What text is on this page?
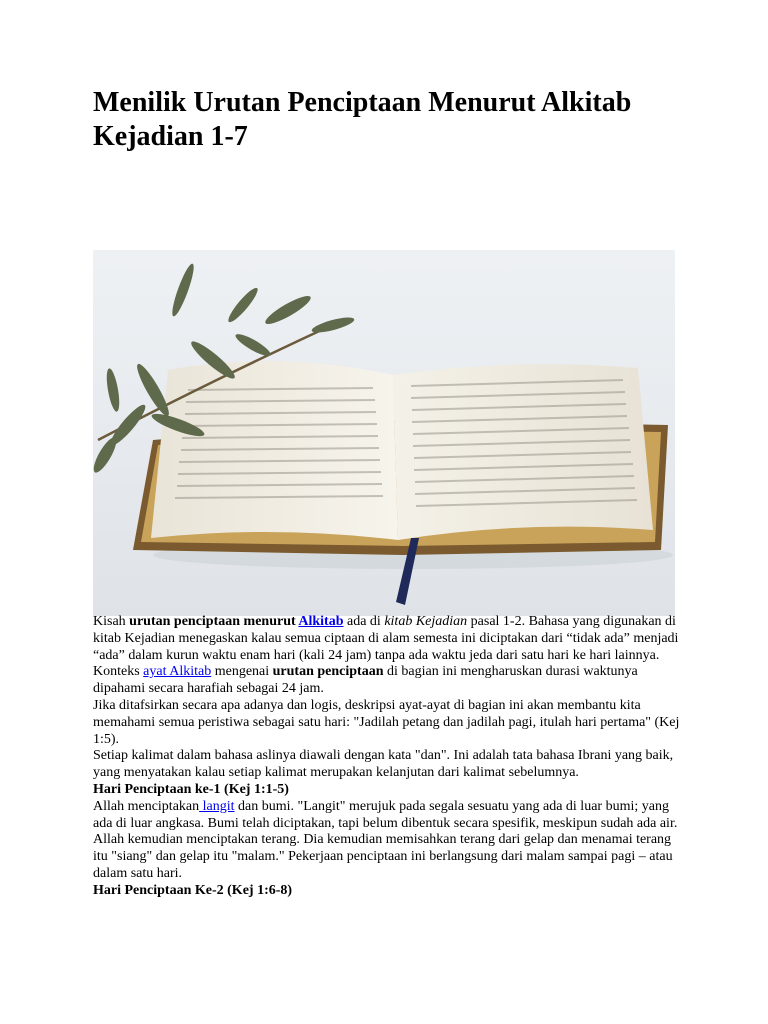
Menilik Urutan Penciptaan Menurut Alkitab Kejadian 1-7

Kisah urutan penciptaan menurut Alkitab ada di kitab Kejadian pasal 1-2. Bahasa yang digunakan di kitab Kejadian menegaskan kalau semua ciptaan di alam semesta ini diciptakan dari “tidak ada” menjadi “ada” dalam kurun waktu enam hari (kali 24 jam) tanpa ada waktu jeda dari satu hari ke hari lainnya.

Konteks ayat Alkitab mengenai urutan penciptaan di bagian ini mengharuskan durasi waktunya dipahami secara harafiah sebagai 24 jam.

Jika ditafsirkan secara apa adanya dan logis, deskripsi ayat-ayat di bagian ini akan membantu kita memahami semua peristiwa sebagai satu hari: "Jadilah petang dan jadilah pagi, itulah hari pertama" (Kej 1:5).

Setiap kalimat dalam bahasa aslinya diawali dengan kata "dan". Ini adalah tata bahasa Ibrani yang baik, yang menyatakan kalau setiap kalimat merupakan kelanjutan dari kalimat sebelumnya.

Hari Penciptaan ke-1 (Kej 1:1-5)

Allah menciptakan langit dan bumi. "Langit" merujuk pada segala sesuatu yang ada di luar bumi; yang ada di luar angkasa. Bumi telah diciptakan, tapi belum dibentuk secara spesifik, meskipun sudah ada air. Allah kemudian menciptakan terang. Dia kemudian memisahkan terang dari gelap dan menamai terang itu "siang" dan gelap itu "malam." Pekerjaan penciptaan ini berlangsung dari malam sampai pagi – atau dalam satu hari.

Hari Penciptaan Ke-2 (Kej 1:6-8)
